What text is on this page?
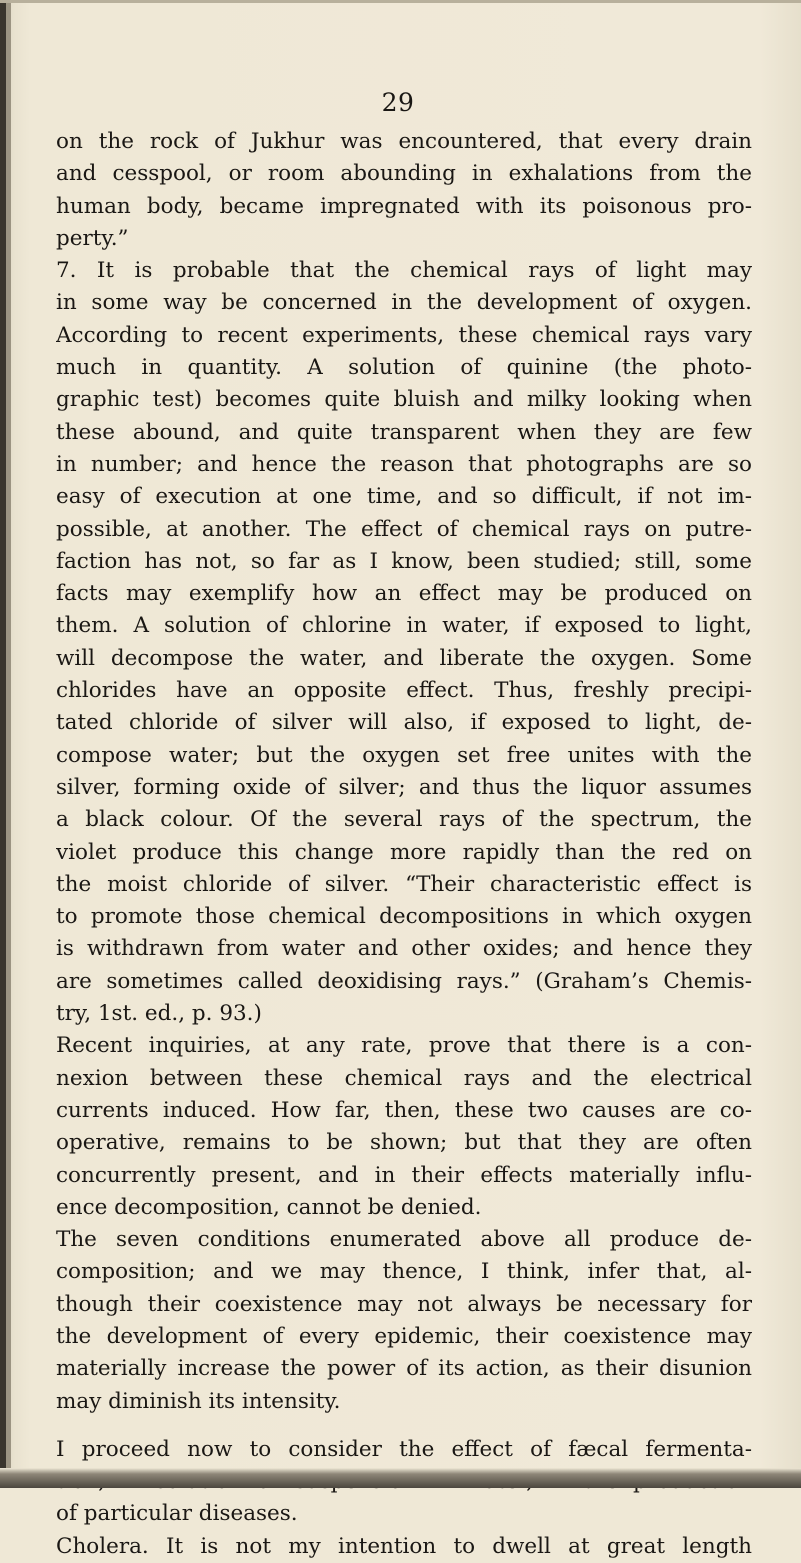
29
on the rock of Jukhur was encountered, that every drain
and cesspool, or room abounding in exhalations from the
human body, became impregnated with its poisonous pro-
perty.”
7. It is probable that the chemical rays of light may
in some way be concerned in the development of oxygen.
According to recent experiments, these chemical rays vary
much in quantity. A solution of quinine (the photo-
graphic test) becomes quite bluish and milky looking when
these abound, and quite transparent when they are few
in number; and hence the reason that photographs are so
easy of execution at one time, and so difficult, if not im-
possible, at another. The effect of chemical rays on putre-
faction has not, so far as I know, been studied; still, some
facts may exemplify how an effect may be produced on
them. A solution of chlorine in water, if exposed to light,
will decompose the water, and liberate the oxygen. Some
chlorides have an opposite effect. Thus, freshly precipi-
tated chloride of silver will also, if exposed to light, de-
compose water; but the oxygen set free unites with the
silver, forming oxide of silver; and thus the liquor assumes
a black colour. Of the several rays of the spectrum, the
violet produce this change more rapidly than the red on
the moist chloride of silver. “Their characteristic effect is
to promote those chemical decompositions in which oxygen
is withdrawn from water and other oxides; and hence they
are sometimes called deoxidising rays.” (Graham’s Chemis-
try, 1st. ed., p. 93.)
Recent inquiries, at any rate, prove that there is a con-
nexion between these chemical rays and the electrical
currents induced. How far, then, these two causes are co-
operative, remains to be shown; but that they are often
concurrently present, and in their effects materially influ-
ence decomposition, cannot be denied.
The seven conditions enumerated above all produce de-
composition; and we may thence, I think, infer that, al-
though their coexistence may not always be necessary for
the development of every epidemic, their coexistence may
materially increase the power of its action, as their disunion
may diminish its intensity.
I proceed now to consider the effect of fæcal fermenta-
of particular diseases.
Cholera. It is not my intention to dwell at great length
